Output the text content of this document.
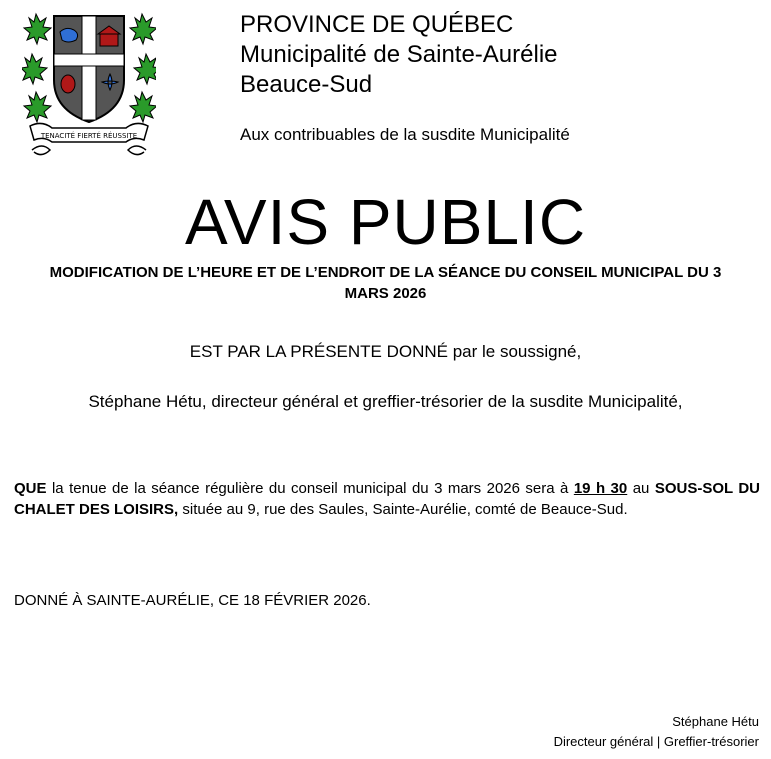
TENACITÉ FIERTÉ RÉUSSITE
PROVINCE DE QUÉBEC
Municipalité de Sainte-Aurélie
Beauce-Sud
Aux contribuables de la susdite Municipalité
AVIS PUBLIC
MODIFICATION DE L’HEURE ET DE L’ENDROIT DE LA SÉANCE DU CONSEIL MUNICIPAL DU 3 MARS 2026
EST PAR LA PRÉSENTE DONNÉ par le soussigné,
Stéphane Hétu, directeur général et greffier-trésorier de la susdite Municipalité,
QUE la tenue de la séance régulière du conseil municipal du 3 mars 2026 sera à 19 h 30 au SOUS-SOL DU CHALET DES LOISIRS, située au 9, rue des Saules, Sainte-Aurélie, comté de Beauce-Sud.
DONNÉ À SAINTE-AURÉLIE, CE 18 FÉVRIER 2026.
Stéphane Hétu
Directeur général | Greffier-trésorier
